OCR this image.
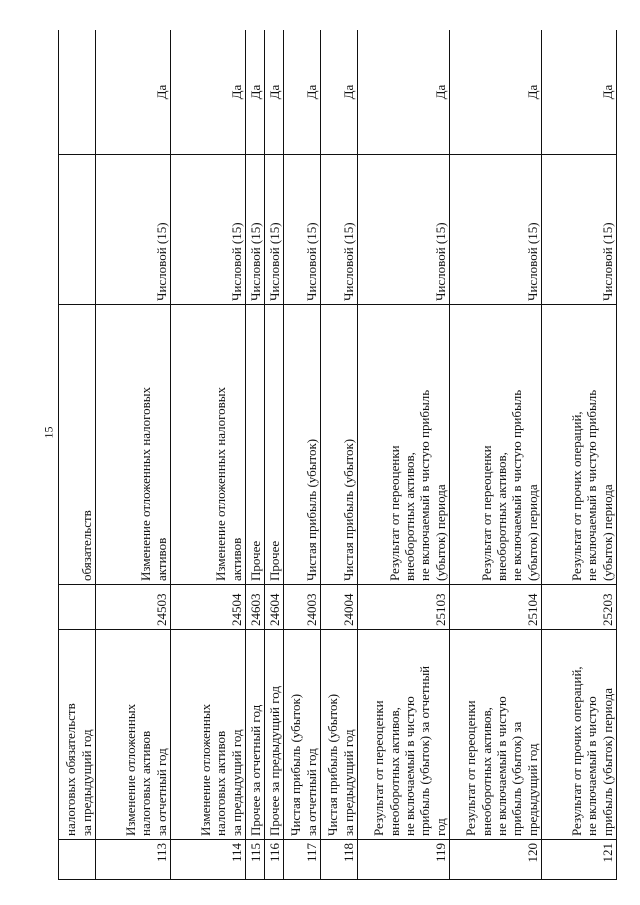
15
	налоговых обязательств
за предыдущий год		обязательств		
113	Изменение отложенных
налоговых активов
за отчетный год	24503	Изменение отложенных налоговых
активов	Числовой (15)	Да
114	Изменение отложенных
налоговых активов
за предыдущий год	24504	Изменение отложенных налоговых
активов	Числовой (15)	Да
115	Прочее за отчетный год	24603	Прочее	Числовой (15)	Да
116	Прочее за предыдущий год	24604	Прочее	Числовой (15)	Да
117	Чистая прибыль (убыток)
за отчетный год	24003	Чистая прибыль (убыток)	Числовой (15)	Да
118	Чистая прибыль (убыток)
за предыдущий год	24004	Чистая прибыль (убыток)	Числовой (15)	Да
119	Результат от переоценки
внеоборотных активов,
не включаемый в чистую
прибыль (убыток) за отчетный
год	25103	Результат от переоценки
внеоборотных активов,
не включаемый в чистую прибыль
(убыток) периода	Числовой (15)	Да
120	Результат от переоценки
внеоборотных активов,
не включаемый в чистую
прибыль (убыток) за
предыдущий год	25104	Результат от переоценки
внеоборотных активов,
не включаемый в чистую прибыль
(убыток) периода	Числовой (15)	Да
121	Результат от прочих операций,
не включаемый в чистую
прибыль (убыток) периода	25203	Результат от прочих операций,
не включаемый в чистую прибыль
(убыток) периода	Числовой (15)	Да
